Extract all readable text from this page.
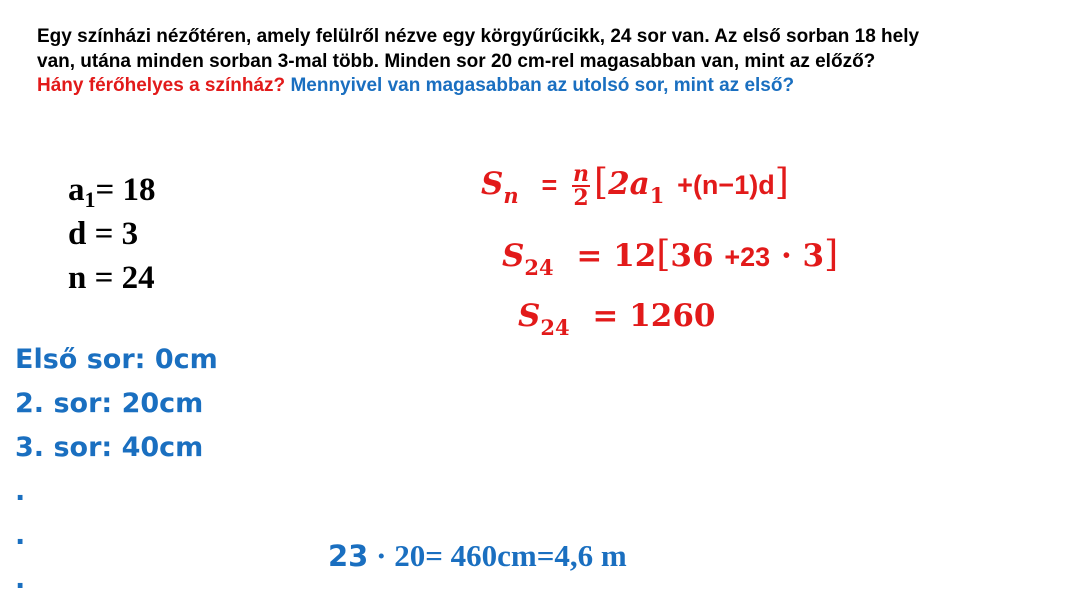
Egy színházi nézőtéren, amely felülről nézve egy körgyűrűcikk, 24 sor van. Az első sorban 18 hely
van, utána minden sorban 3-mal több. Minden sor 20 cm-rel magasabban van, mint az előző?
Hány férőhelyes a színház? Mennyivel van magasabban az utolsó sor, mint az első?
$a_1= 18$
d = 3
n = 24
$S_n = \frac{n}{2} [2a_1 +(n-1)d]$
$S_{24} = 12[36 +23 \cdot 3]$
$S_{24} = 1260$
Első sor: 0cm
2. sor: 20cm
3. sor: 40cm
.
.
.
23 · 20= 460cm=4,6 m
